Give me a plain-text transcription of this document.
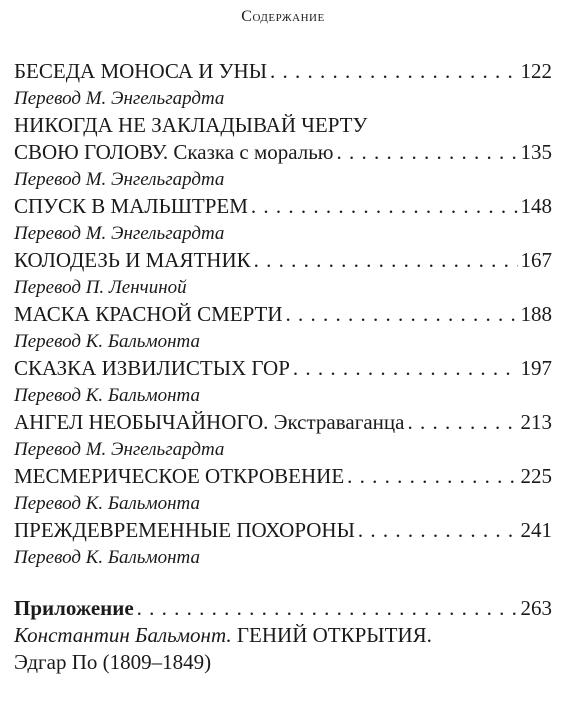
Содержание
БЕСЕДА МОНОСА И УНЫ . . .	122
Перевод М. Энгельгардта
НИКОГДА НЕ ЗАКЛАДЫВАЙ ЧЕРТУ
СВОЮ ГОЛОВУ. Сказка с моралью . . .	135
Перевод М. Энгельгардта
СПУСК В МАЛЬШТРЕМ . . .	148
Перевод М. Энгельгардта
КОЛОДЕЗЬ И МАЯТНИК . . .	167
Перевод П. Ленчиной
МАСКА КРАСНОЙ СМЕРТИ . . .	188
Перевод К. Бальмонта
СКАЗКА ИЗВИЛИСТЫХ ГОР . . .	197
Перевод К. Бальмонта
АНГЕЛ НЕОБЫЧАЙНОГО. Экстраваганца . . .	213
Перевод М. Энгельгардта
МЕСМЕРИЧЕСКОЕ ОТКРОВЕНИЕ . . .	225
Перевод К. Бальмонта
ПРЕЖДЕВРЕМЕННЫЕ ПОХОРОНЫ . . .	241
Перевод К. Бальмонта
Приложение . . .	263
Константин Бальмонт. ГЕНИЙ ОТКРЫТИЯ.
Эдгар По (1809–1849)
